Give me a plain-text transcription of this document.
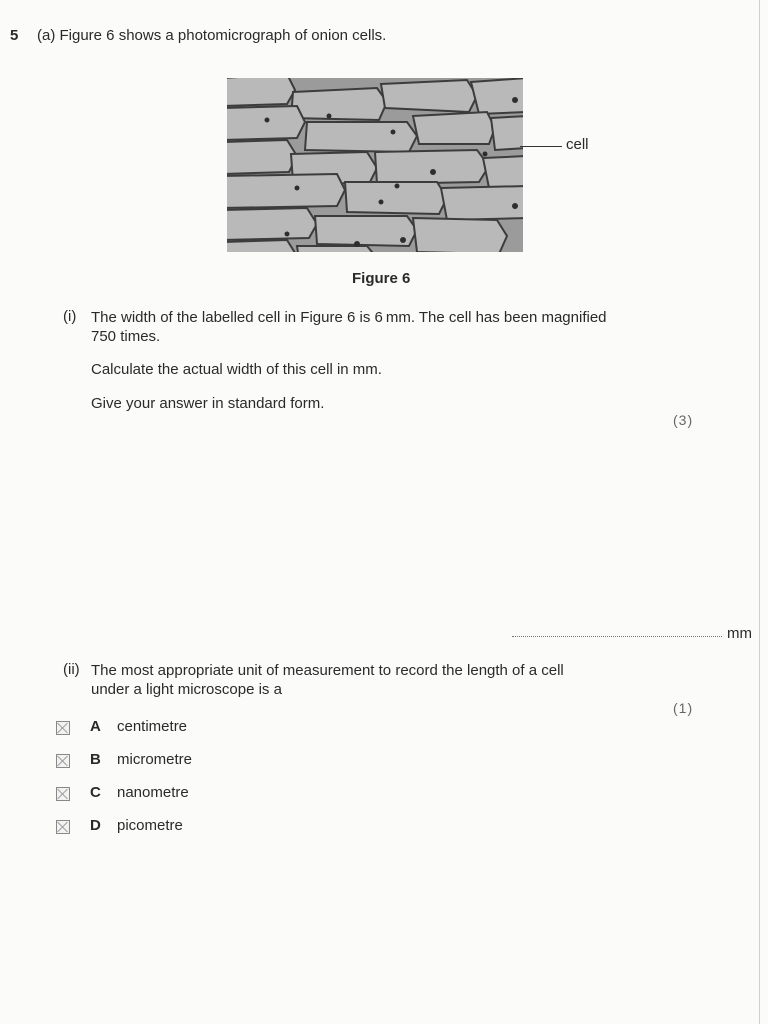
5 (a) Figure 6 shows a photomicrograph of onion cells.
cell
Figure 6
(i) The width of the labelled cell in Figure 6 is 6 mm. The cell has been magnified
750 times.
Calculate the actual width of this cell in mm.
Give your answer in standard form.
(3)
mm
(ii) The most appropriate unit of measurement to record the length of a cell
under a light microscope is a
(1)
A centimetre
B micrometre
C nanometre
D picometre
